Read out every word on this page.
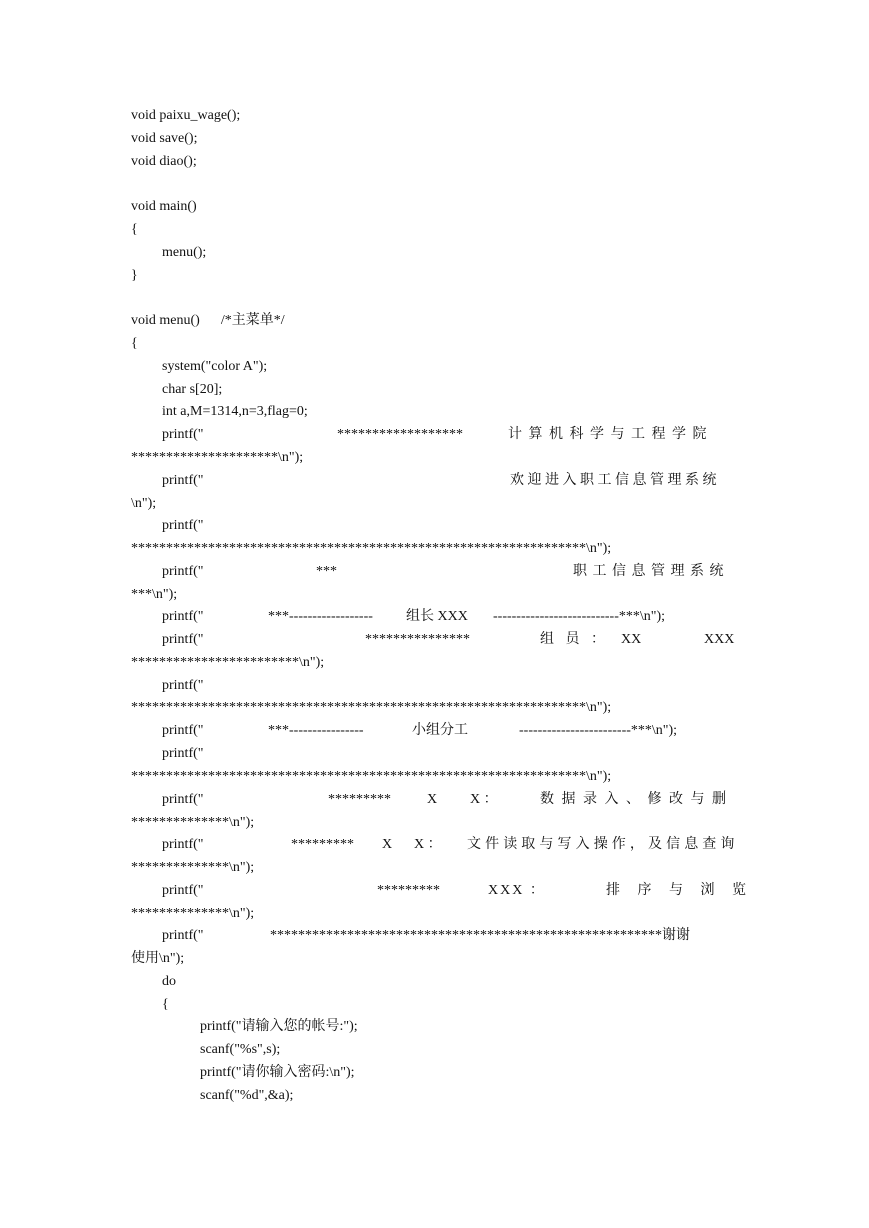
void paixu_wage();
void save();
void diao();
void main()
{
menu();
}
void menu()      /*主菜单*/
{
system("color A");
char s[20];
int a,M=1314,n=3,flag=0;
printf("	******************	计 算 机 科 学 与 工 程 学 院
*********************\n");
printf("	欢 迎 进 入 职 工 信 息 管 理 系 统
\n");
printf("
*****************************************************************\n");
printf("	***	职 工 信 息 管 理 系 统
***\n");
printf("	***------------------ 组长 XXX ---------------------------***\n");
printf("	***************	组 员 ： XX	XXX
************************\n");
printf("
*****************************************************************\n");
printf("	***----------------	小组分工	------------------------***\n");
printf("
*****************************************************************\n");
printf("	*********	X X ：	数 据 录 入 、 修 改 与 删
**************\n");
printf("	********* X X ： 文 件 读 取 与 写 入 操 作 ， 及 信 息 查 询
**************\n");
printf("	*********	XXX ：	排 序 与 浏 览
**************\n");
printf("	********************************************************谢谢
使用\n");
do
{
printf("请输入您的帐号:");
scanf("%s",s);
printf("请你输入密码:\n");
scanf("%d",&a);
